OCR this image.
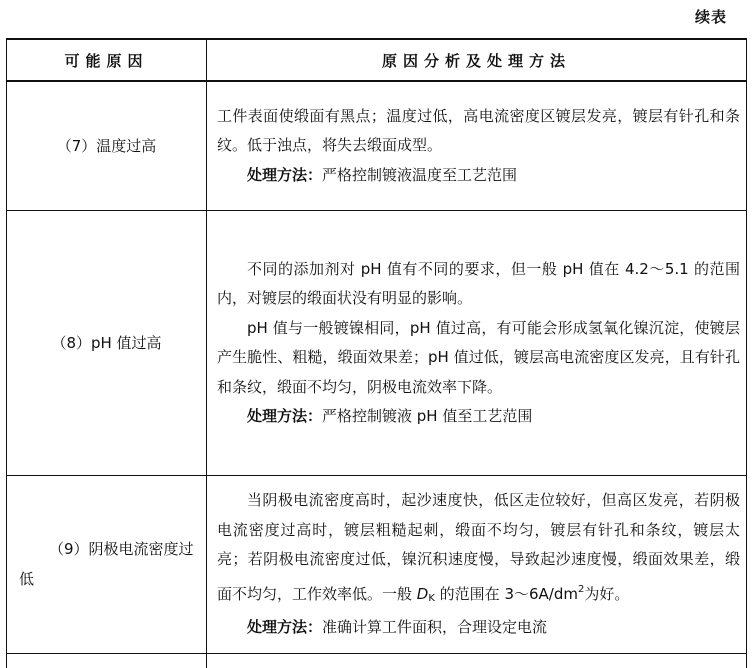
续表
可能原因	原因分析及处理方法
（7）温度过高	工件表面使缎面有黑点；温度过低，高电流密度区镀层发亮，镀层有针孔和条纹。低于浊点，将失去缎面成型。

处理方法：严格控制镀液温度至工艺范围

（8）pH 值过高	不同的添加剂对 pH 值有不同的要求，但一般 pH 值在 4.2～5.1 的范围内，对镀层的缎面状没有明显的影响。

pH 值与一般镀镍相同，pH 值过高，有可能会形成氢氧化镍沉淀，使镀层产生脆性、粗糙，缎面效果差；pH 值过低，镀层高电流密度区发亮，且有针孔和条纹，缎面不均匀，阴极电流效率下降。

处理方法：严格控制镀液 pH 值至工艺范围

（9）阴极电流密度过低	当阴极电流密度高时，起沙速度快，低区走位较好，但高区发亮，若阴极电流密度过高时，镀层粗糙起刺，缎面不均匀，镀层有针孔和条纹，镀层太亮；若阴极电流密度过低，镍沉积速度慢，导致起沙速度慢，缎面效果差，缎面不均匀，工作效率低。一般 $D_K$ 的范围在 $3\sim 6A/dm^2$为好。

处理方法：准确计算工件面积，合理设定电流
